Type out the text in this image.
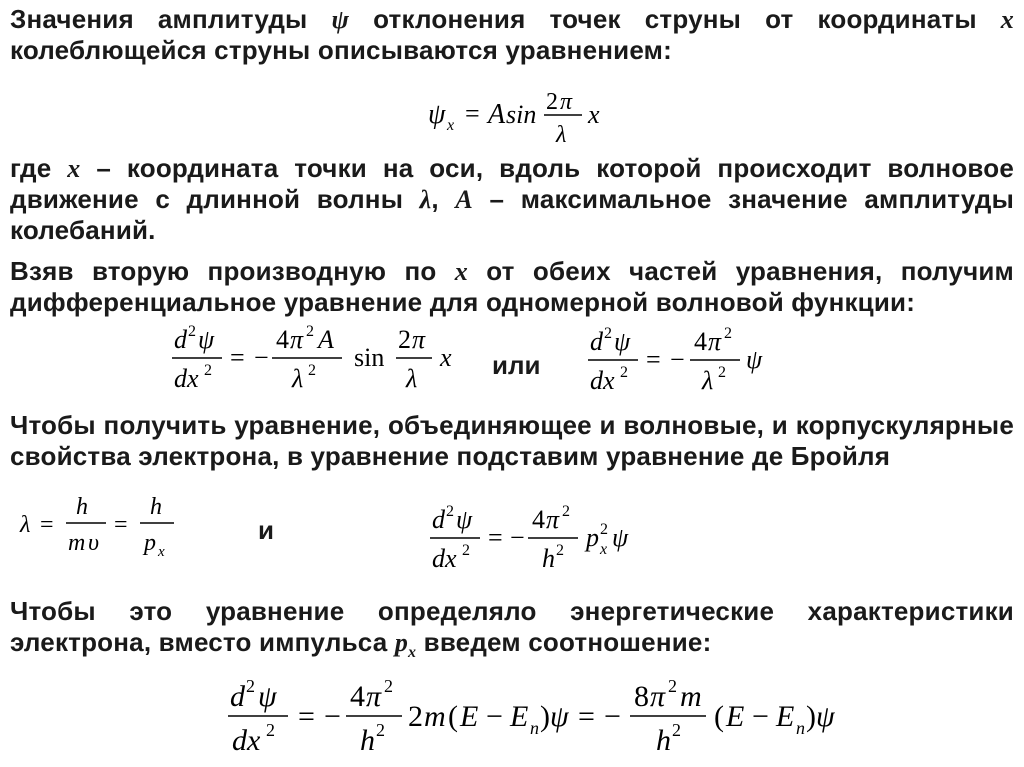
Значения амплитуды ψ отклонения точек струны от координаты x колеблющейся струны описываются уравнением:
ψ x = A sin 2 π
λ
x
где x – координата точки на оси, вдоль которой происходит волновое движение с длинной волны λ, A – максимальное значение амплитуды колебаний.
Взяв вторую производную по x от обеих частей уравнения, получим дифференциальное уравнение для одномерной волновой функции:
d 2 ψ
dx 2 = −
4 π 2 A
λ 2 sin
2 π
λ
x или
d 2 ψ
dx 2 = −
4 π 2
λ 2 ψ
Чтобы получить уравнение, объединяющее и волновые, и корпускулярные свойства электрона, в уравнение подставим уравнение де Бройля
λ =
h
m υ
=
h
p x
и	d 2 ψ
dx 2 = −
4 π 2
h 2 p 2
x ψ
Чтобы это уравнение определяло энергетические характеристики электрона, вместо импульса $p_x$ введем соотношение:
d 2 ψ
dx 2 = −
4 π 2
h 2 2 m ( E − E n ) ψ = −
8 π 2 m
h 2 ( E − E n ) ψ
